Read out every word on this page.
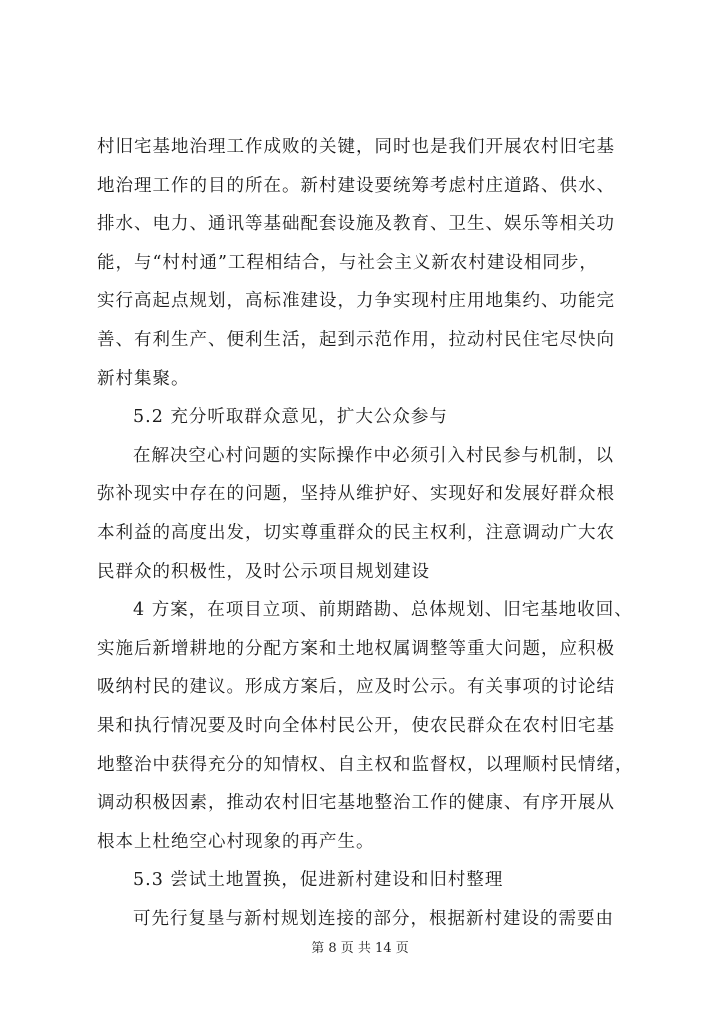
村旧宅基地治理工作成败的关键，同时也是我们开展农村旧宅基
地治理工作的目的所在。新村建设要统筹考虑村庄道路、供水、
排水、电力、通讯等基础配套设施及教育、卫生、娱乐等相关功
能，与“村村通”工程相结合，与社会主义新农村建设相同步，
实行高起点规划，高标准建设，力争实现村庄用地集约、功能完
善、有利生产、便利生活，起到示范作用，拉动村民住宅尽快向
新村集聚。
5.2 充分听取群众意见，扩大公众参与
在解决空心村问题的实际操作中必须引入村民参与机制，以
弥补现实中存在的问题，坚持从维护好、实现好和发展好群众根
本利益的高度出发，切实尊重群众的民主权利，注意调动广大农
民群众的积极性，及时公示项目规划建设
4 方案，在项目立项、前期踏勘、总体规划、旧宅基地收回、
实施后新增耕地的分配方案和土地权属调整等重大问题，应积极
吸纳村民的建议。形成方案后，应及时公示。有关事项的讨论结
果和执行情况要及时向全体村民公开，使农民群众在农村旧宅基
地整治中获得充分的知情权、自主权和监督权，以理顺村民情绪，
调动积极因素，推动农村旧宅基地整治工作的健康、有序开展从
根本上杜绝空心村现象的再产生。
5.3 尝试土地置换，促进新村建设和旧村整理
可先行复垦与新村规划连接的部分，根据新村建设的需要由
第 8 页 共 14 页
